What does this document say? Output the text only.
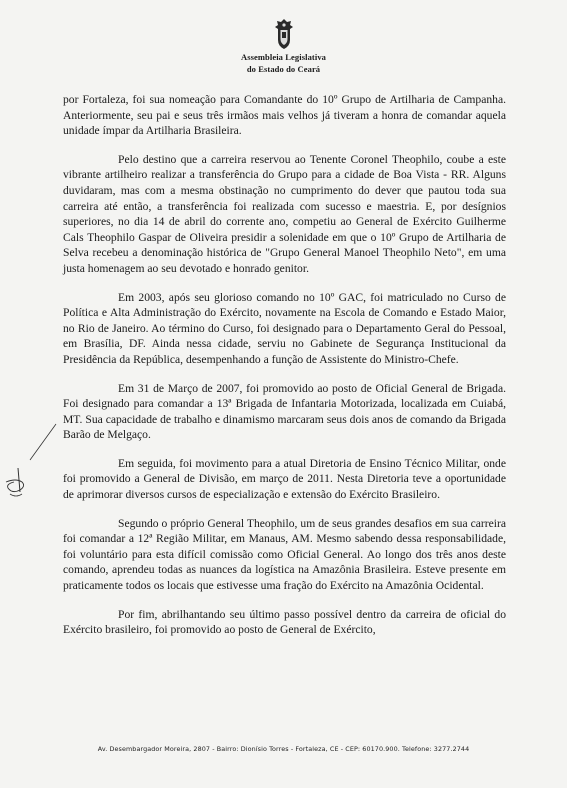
Assembleia Legislativa
do Estado do Ceará

por Fortaleza, foi sua nomeação para Comandante do 10º Grupo de Artilharia de Campanha. Anteriormente, seu pai e seus três irmãos mais velhos já tiveram a honra de comandar aquela unidade ímpar da Artilharia Brasileira.

Pelo destino que a carreira reservou ao Tenente Coronel Theophilo, coube a este vibrante artilheiro realizar a transferência do Grupo para a cidade de Boa Vista - RR. Alguns duvidaram, mas com a mesma obstinação no cumprimento do dever que pautou toda sua carreira até então, a transferência foi realizada com sucesso e maestria. E, por desígnios superiores, no dia 14 de abril do corrente ano, competiu ao General de Exército Guilherme Cals Theophilo Gaspar de Oliveira presidir a solenidade em que o 10º Grupo de Artilharia de Selva recebeu a denominação histórica de "Grupo General Manoel Theophilo Neto", em uma justa homenagem ao seu devotado e honrado genitor.

Em 2003, após seu glorioso comando no 10º GAC, foi matriculado no Curso de Política e Alta Administração do Exército, novamente na Escola de Comando e Estado Maior, no Rio de Janeiro. Ao término do Curso, foi designado para o Departamento Geral do Pessoal, em Brasília, DF. Ainda nessa cidade, serviu no Gabinete de Segurança Institucional da Presidência da República, desempenhando a função de Assistente do Ministro-Chefe.

Em 31 de Março de 2007, foi promovido ao posto de Oficial General de Brigada. Foi designado para comandar a 13ª Brigada de Infantaria Motorizada, localizada em Cuiabá, MT. Sua capacidade de trabalho e dinamismo marcaram seus dois anos de comando da Brigada Barão de Melgaço.

Em seguida, foi movimento para a atual Diretoria de Ensino Técnico Militar, onde foi promovido a General de Divisão, em março de 2011. Nesta Diretoria teve a oportunidade de aprimorar diversos cursos de especialização e extensão do Exército Brasileiro.

Segundo o próprio General Theophilo, um de seus grandes desafios em sua carreira foi comandar a 12ª Região Militar, em Manaus, AM. Mesmo sabendo dessa responsabilidade, foi voluntário para esta difícil comissão como Oficial General. Ao longo dos três anos deste comando, aprendeu todas as nuances da logística na Amazônia Brasileira. Esteve presente em praticamente todos os locais que estivesse uma fração do Exército na Amazônia Ocidental.

Por fim, abrilhantando seu último passo possível dentro da carreira de oficial do Exército brasileiro, foi promovido ao posto de General de Exército,

Av. Desembargador Moreira, 2807 - Bairro: Dionísio Torres - Fortaleza, CE - CEP: 60170.900. Telefone: 3277.2744
